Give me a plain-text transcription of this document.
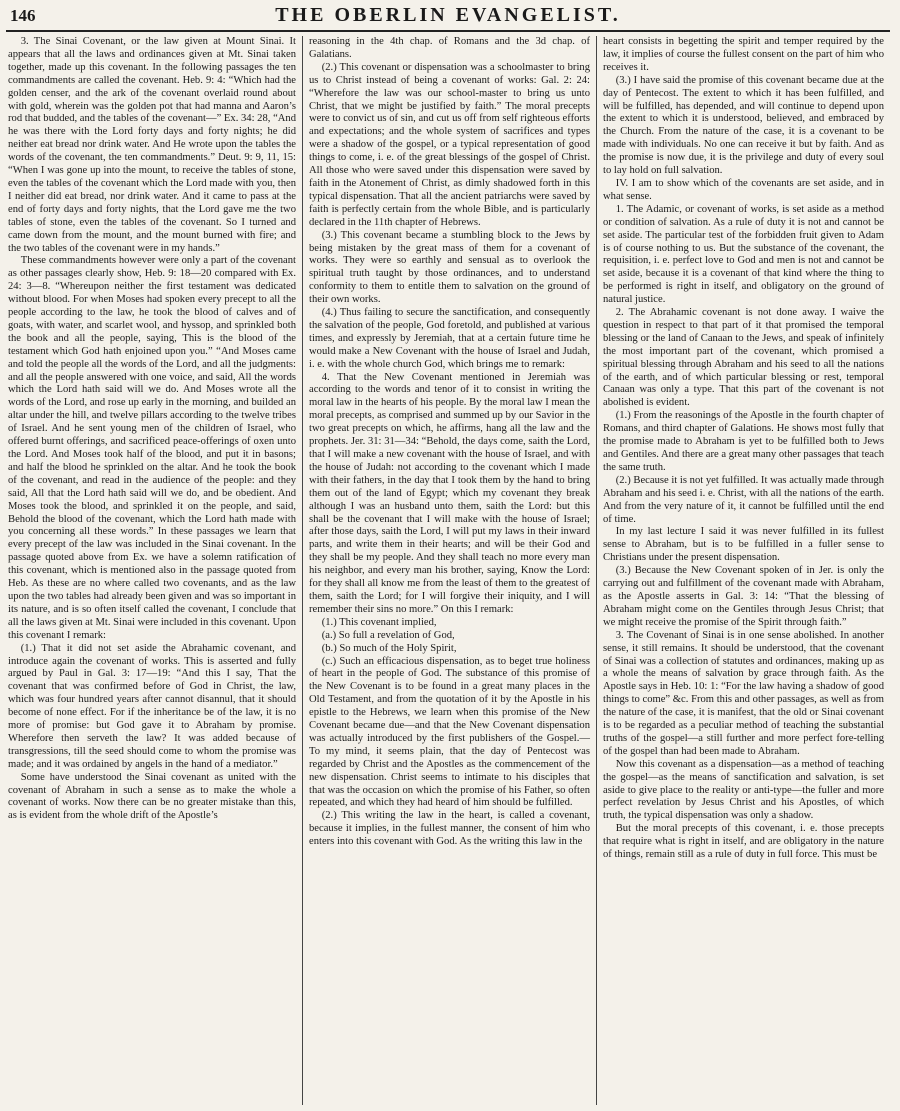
146	THE OBERLIN EVANGELIST.

3. The Sinai Covenant, or the law given at Mount Sinai. It appears that all the laws and ordinances given at Mt. Sinai taken together, made up this covenant. In the following passages the ten commandments are called the covenant. Heb. 9: 4: “Which had the golden censer, and the ark of the covenant overlaid round about with gold, wherein was the golden pot that had manna and Aaron’s rod that budded, and the tables of the covenant—” Ex. 34: 28, “And he was there with the Lord forty days and forty nights; he did neither eat bread nor drink water. And He wrote upon the tables the words of the covenant, the ten commandments.” Deut. 9: 9, 11, 15: “When I was gone up into the mount, to receive the tables of stone, even the tables of the covenant which the Lord made with you, then I neither did eat bread, nor drink water. And it came to pass at the end of forty days and forty nights, that the Lord gave me the two tables of stone, even the tables of the covenant. So I turned and came down from the mount, and the mount burned with fire; and the two tables of the covenant were in my hands.”

These commandments however were only a part of the covenant as other passages clearly show, Heb. 9: 18—20 compared with Ex. 24: 3—8. “Whereupon neither the first testament was dedicated without blood. For when Moses had spoken every precept to all the people according to the law, he took the blood of calves and of goats, with water, and scarlet wool, and hyssop, and sprinkled both the book and all the people, saying, This is the blood of the testament which God hath enjoined upon you.” “And Moses came and told the people all the words of the Lord, and all the judgments: and all the people answered with one voice, and said, All the words which the Lord hath said will we do. And Moses wrote all the words of the Lord, and rose up early in the morning, and builded an altar under the hill, and twelve pillars according to the twelve tribes of Israel. And he sent young men of the children of Israel, who offered burnt offerings, and sacrificed peace-offerings of oxen unto the Lord. And Moses took half of the blood, and put it in basons; and half the blood he sprinkled on the altar. And he took the book of the covenant, and read in the audience of the people: and they said, All that the Lord hath said will we do, and be obedient. And Moses took the blood, and sprinkled it on the people, and said, Behold the blood of the covenant, which the Lord hath made with you concerning all these words.” In these passages we learn that every precept of the law was included in the Sinai covenant. In the passage quoted above from Ex. we have a solemn ratification of this covenant, which is mentioned also in the passage quoted from Heb. As these are no where called two covenants, and as the law upon the two tables had already been given and was so important in its nature, and is so often itself called the covenant, I conclude that all the laws given at Mt. Sinai were included in this covenant. Upon this covenant I remark:

(1.) That it did not set aside the Abrahamic covenant, and introduce again the covenant of works. This is asserted and fully argued by Paul in Gal. 3: 17—19: “And this I say, That the covenant that was confirmed before of God in Christ, the law, which was four hundred years after cannot disannul, that it should become of none effect. For if the inheritance be of the law, it is no more of promise: but God gave it to Abraham by promise. Wherefore then serveth the law? It was added because of transgressions, till the seed should come to whom the promise was made; and it was ordained by angels in the hand of a mediator.”

Some have understood the Sinai covenant as united with the covenant of Abraham in such a sense as to make the whole a covenant of works. Now there can be no greater mistake than this, as is evident from the whole drift of the Apostle’s

reasoning in the 4th chap. of Romans and the 3d chap. of Galatians.

(2.) This covenant or dispensation was a schoolmaster to bring us to Christ instead of being a covenant of works: Gal. 2: 24: “Wherefore the law was our school-master to bring us unto Christ, that we might be justified by faith.” The moral precepts were to convict us of sin, and cut us off from self righteous efforts and expectations; and the whole system of sacrifices and types were a shadow of the gospel, or a typical representation of good things to come, i. e. of the great blessings of the gospel of Christ. All those who were saved under this dispensation were saved by faith in the Atonement of Christ, as dimly shadowed forth in this typical dispensation. That all the ancient patriarchs were saved by faith is perfectly certain from the whole Bible, and is particularly declared in the 11th chapter of Hebrews.

(3.) This covenant became a stumbling block to the Jews by being mistaken by the great mass of them for a covenant of works. They were so earthly and sensual as to overlook the spiritual truth taught by those ordinances, and to understand conformity to them to entitle them to salvation on the ground of their own works.

(4.) Thus failing to secure the sanctification, and consequently the salvation of the people, God foretold, and published at various times, and expressly by Jeremiah, that at a certain future time he would make a New Covenant with the house of Israel and Judah, i. e. with the whole church God, which brings me to remark:

4. That the New Covenant mentioned in Jeremiah was according to the words and tenor of it to consist in writing the moral law in the hearts of his people. By the moral law I mean the moral precepts, as comprised and summed up by our Savior in the two great precepts on which, he affirms, hang all the law and the prophets. Jer. 31: 31—34: “Behold, the days come, saith the Lord, that I will make a new covenant with the house of Israel, and with the house of Judah: not according to the covenant which I made with their fathers, in the day that I took them by the hand to bring them out of the land of Egypt; which my covenant they break although I was an husband unto them, saith the Lord: but this shall be the covenant that I will make with the house of Israel; after those days, saith the Lord, I will put my laws in their inward parts, and write them in their hearts; and will be their God and they shall be my people. And they shall teach no more every man his neighbor, and every man his brother, saying, Know the Lord: for they shall all know me from the least of them to the greatest of them, saith the Lord; for I will forgive their iniquity, and I will remember their sins no more.” On this I remark:

(1.) This covenant implied,

(a.) So full a revelation of God,

(b.) So much of the Holy Spirit,

(c.) Such an efficacious dispensation, as to beget true holiness of heart in the people of God. The substance of this promise of the New Covenant is to be found in a great many places in the Old Testament, and from the quotation of it by the Apostle in his epistle to the Hebrews, we learn when this promise of the New Covenant became due—and that the New Covenant dispensation was actually introduced by the first publishers of the Gospel.— To my mind, it seems plain, that the day of Pentecost was regarded by Christ and the Apostles as the commencement of the new dispensation. Christ seems to intimate to his disciples that that was the occasion on which the promise of his Father, so often repeated, and which they had heard of him should be fulfilled.

(2.) This writing the law in the heart, is called a covenant, because it implies, in the fullest manner, the consent of him who enters into this covenant with God. As the writing this law in the

heart consists in begetting the spirit and temper required by the law, it implies of course the fullest consent on the part of him who receives it.

(3.) I have said the promise of this covenant became due at the day of Pentecost. The extent to which it has been fulfilled, and will be fulfilled, has depended, and will continue to depend upon the extent to which it is understood, believed, and embraced by the Church. From the nature of the case, it is a covenant to be made with individuals. No one can receive it but by faith. And as the promise is now due, it is the privilege and duty of every soul to lay hold on full salvation.

IV. I am to show which of the covenants are set aside, and in what sense.

1. The Adamic, or covenant of works, is set aside as a method or condition of salvation. As a rule of duty it is not and cannot be set aside. The particular test of the forbidden fruit given to Adam is of course nothing to us. But the substance of the covenant, the requisition, i. e. perfect love to God and men is not and cannot be set aside, because it is a covenant of that kind where the thing to be performed is right in itself, and obligatory on the ground of natural justice.

2. The Abrahamic covenant is not done away. I waive the question in respect to that part of it that promised the temporal blessing or the land of Canaan to the Jews, and speak of infinitely the most important part of the covenant, which promised a spiritual blessing through Abraham and his seed to all the nations of the earth, and of which particular blessing or rest, temporal Canaan was only a type. That this part of the covenant is not abolished is evident.

(1.) From the reasonings of the Apostle in the fourth chapter of Romans, and third chapter of Galations. He shows most fully that the promise made to Abraham is yet to be fulfilled both to Jews and Gentiles. And there are a great many other passages that teach the same truth.

(2.) Because it is not yet fulfilled. It was actually made through Abraham and his seed i. e. Christ, with all the nations of the earth. And from the very nature of it, it cannot be fulfilled until the end of time.

In my last lecture I said it was never fulfilled in its fullest sense to Abraham, but is to be fulfilled in a fuller sense to Christians under the present dispensation.

(3.) Because the New Covenant spoken of in Jer. is only the carrying out and fulfillment of the covenant made with Abraham, as the Apostle asserts in Gal. 3: 14: “That the blessing of Abraham might come on the Gentiles through Jesus Christ; that we might receive the promise of the Spirit through faith.”

3. The Covenant of Sinai is in one sense abolished. In another sense, it still remains. It should be understood, that the covenant of Sinai was a collection of statutes and ordinances, making up as a whole the means of salvation by grace through faith. As the Apostle says in Heb. 10: 1: “For the law having a shadow of good things to come” &c. From this and other passages, as well as from the nature of the case, it is manifest, that the old or Sinai covenant is to be regarded as a peculiar method of teaching the substantial truths of the gospel—a still further and more perfect fore-telling of the gospel than had been made to Abraham.

Now this covenant as a dispensation—as a method of teaching the gospel—as the means of sanctification and salvation, is set aside to give place to the reality or anti-type—the fuller and more perfect revelation by Jesus Christ and his Apostles, of which truth, the typical dispensation was only a shadow.

But the moral precepts of this covenant, i. e. those precepts that require what is right in itself, and are obligatory in the nature of things, remain still as a rule of duty in full force. This must be
